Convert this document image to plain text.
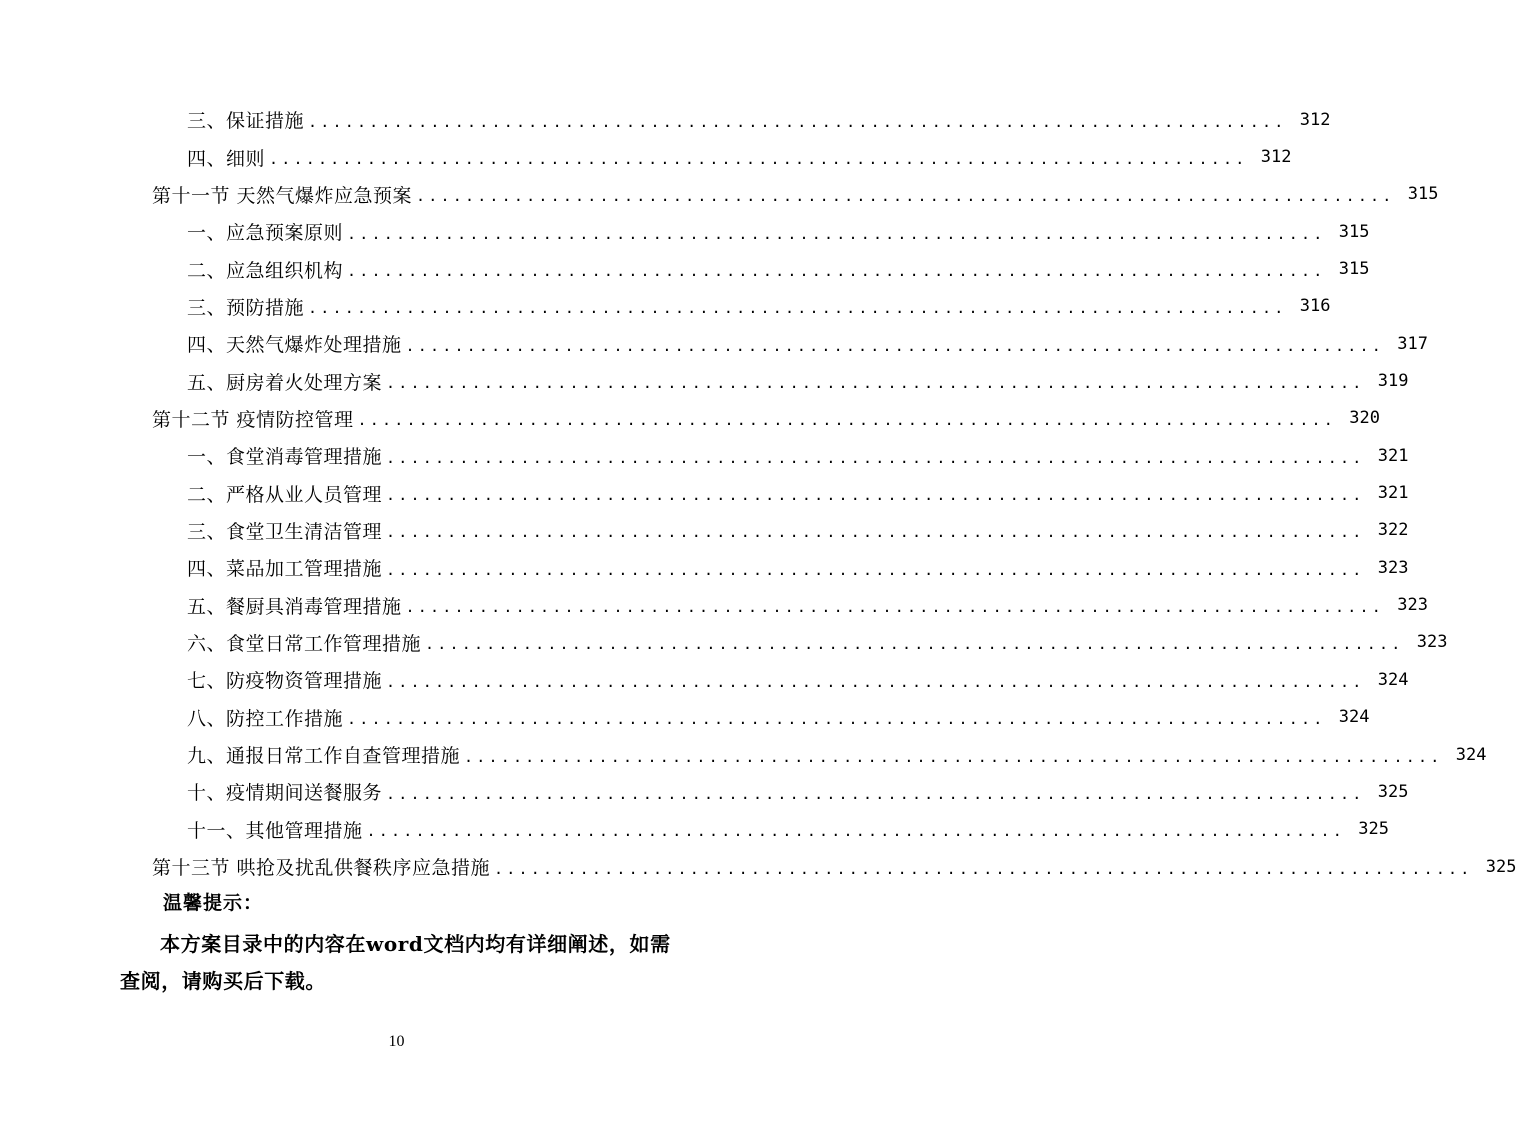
三、保证措施 ................................................................................ 312
四、细则 ................................................................................ 312
第十一节 天然气爆炸应急预案 ................................................................................ 315
一、应急预案原则 ................................................................................ 315
二、应急组织机构 ................................................................................ 315
三、预防措施 ................................................................................ 316
四、天然气爆炸处理措施 ................................................................................ 317
五、厨房着火处理方案 ................................................................................ 319
第十二节 疫情防控管理 ................................................................................ 320
一、食堂消毒管理措施 ................................................................................ 321
二、严格从业人员管理 ................................................................................ 321
三、食堂卫生清洁管理 ................................................................................ 322
四、菜品加工管理措施 ................................................................................ 323
五、餐厨具消毒管理措施 ................................................................................ 323
六、食堂日常工作管理措施 ................................................................................ 323
七、防疫物资管理措施 ................................................................................ 324
八、防控工作措施 ................................................................................ 324
九、通报日常工作自查管理措施 ................................................................................ 324
十、疫情期间送餐服务 ................................................................................ 325
十一、其他管理措施 ................................................................................ 325
第十三节 哄抢及扰乱供餐秩序应急措施 ................................................................................ 325
温馨提示：
本方案目录中的内容在word文档内均有详细阐述，如需查阅，请购买后下载。
10
